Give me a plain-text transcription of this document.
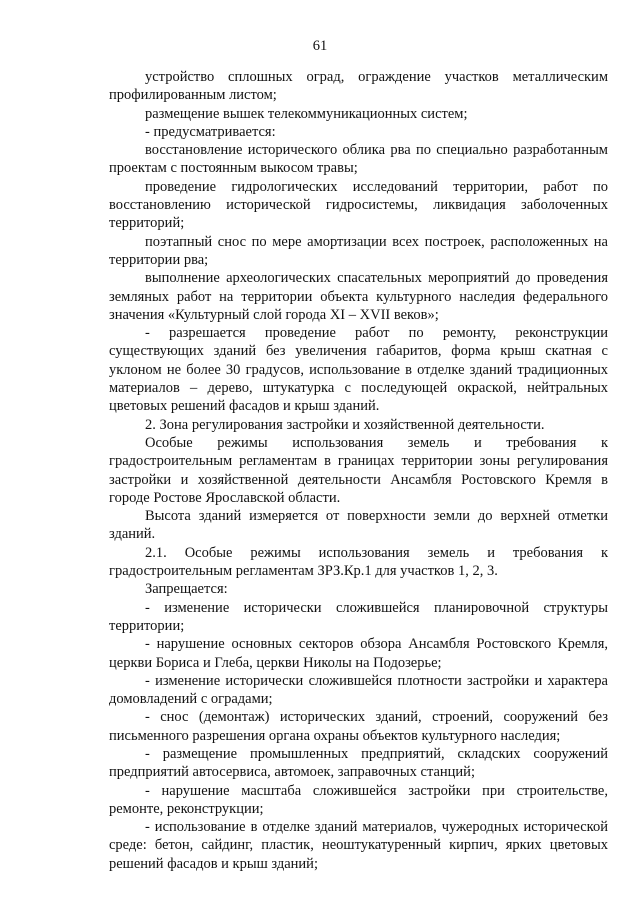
61

устройство сплошных оград, ограждение участков металлическим профилированным листом;

размещение вышек телекоммуникационных систем;

- предусматривается:

восстановление исторического облика рва по специально разработанным проектам с постоянным выкосом травы;

проведение гидрологических исследований территории, работ по восстановлению исторической гидросистемы, ликвидация заболоченных территорий;

поэтапный снос по мере амортизации всех построек, расположенных на территории рва;

выполнение археологических спасательных мероприятий до проведения земляных работ на территории объекта культурного наследия федерального значения «Культурный слой города XI – XVII веков»;

- разрешается проведение работ по ремонту, реконструкции существующих зданий без увеличения габаритов, форма крыш скатная с уклоном не более 30 градусов, использование в отделке зданий традиционных материалов – дерево, штукатурка с последующей окраской, нейтральных цветовых решений фасадов и крыш зданий.

2. Зона регулирования застройки и хозяйственной деятельности.

Особые режимы использования земель и требования к градостроительным регламентам в границах территории зоны регулирования застройки и хозяйственной деятельности Ансамбля Ростовского Кремля в городе Ростове Ярославской области.

Высота зданий измеряется от поверхности земли до верхней отметки зданий.

2.1. Особые режимы использования земель и требования к градостроительным регламентам ЗРЗ.Кр.1 для участков 1, 2, 3.

Запрещается:

- изменение исторически сложившейся планировочной структуры территории;

- нарушение основных секторов обзора Ансамбля Ростовского Кремля, церкви Бориса и Глеба, церкви Николы на Подозерье;

- изменение исторически сложившейся плотности застройки и характера домовладений с оградами;

- снос (демонтаж) исторических зданий, строений, сооружений без письменного разрешения органа охраны объектов культурного наследия;

- размещение промышленных предприятий, складских сооружений предприятий автосервиса, автомоек, заправочных станций;

- нарушение масштаба сложившейся застройки при строительстве, ремонте, реконструкции;

- использование в отделке зданий материалов, чужеродных исторической среде: бетон, сайдинг, пластик, неоштукатуренный кирпич, ярких цветовых решений фасадов и крыш зданий;
